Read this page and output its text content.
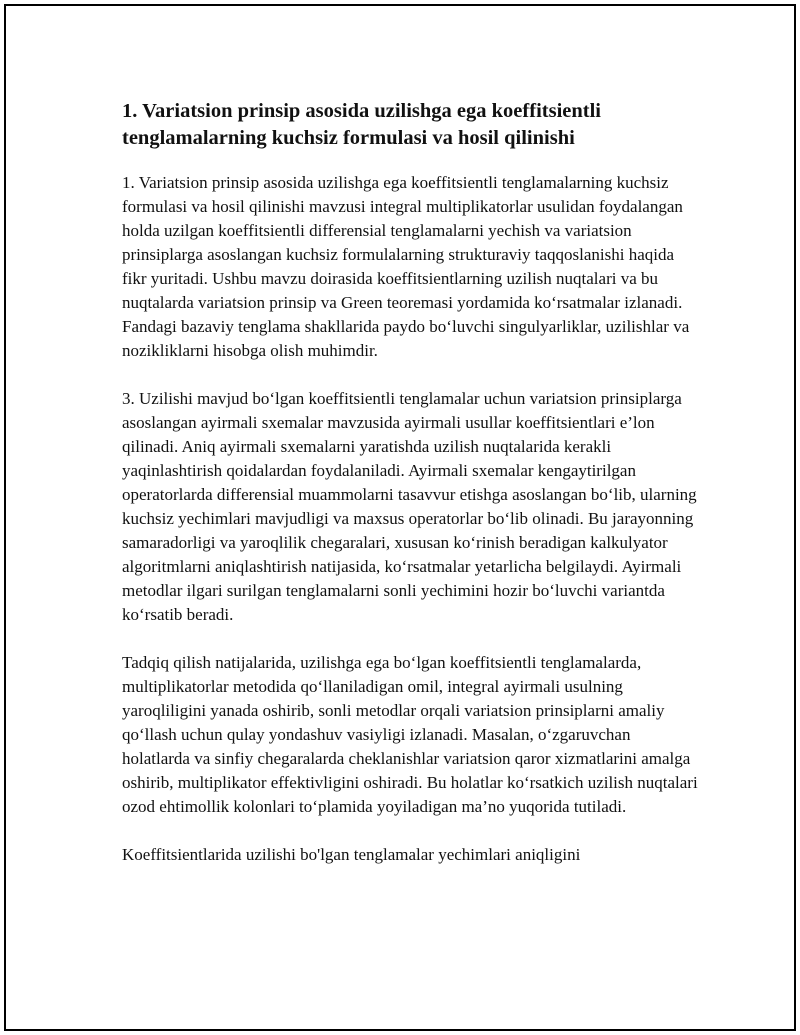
1. Variatsion prinsip asosida uzilishga ega koeffitsientli tenglamalarning kuchsiz formulasi va hosil qilinishi

1. Variatsion prinsip asosida uzilishga ega koeffitsientli tenglamalarning kuchsiz formulasi va hosil qilinishi mavzusi integral multiplikatorlar usulidan foydalangan holda uzilgan koeffitsientli differensial tenglamalarni yechish va variatsion prinsiplarga asoslangan kuchsiz formulalarning strukturaviy taqqoslanishi haqida fikr yuritadi. Ushbu mavzu doirasida koeffitsientlarning uzilish nuqtalari va bu nuqtalarda variatsion prinsip va Green teoremasi yordamida ko‘rsatmalar izlanadi. Fandagi bazaviy tenglama shakllarida paydo bo‘luvchi singulyarliklar, uzilishlar va nozikliklarni hisobga olish muhimdir.

3. Uzilishi mavjud bo‘lgan koeffitsientli tenglamalar uchun variatsion prinsiplarga asoslangan ayirmali sxemalar mavzusida ayirmali usullar koeffitsientlari e’lon qilinadi. Aniq ayirmali sxemalarni yaratishda uzilish nuqtalarida kerakli yaqinlashtirish qoidalardan foydalaniladi. Ayirmali sxemalar kengaytirilgan operatorlarda differensial muammolarni tasavvur etishga asoslangan bo‘lib, ularning kuchsiz yechimlari mavjudligi va maxsus operatorlar bo‘lib olinadi. Bu jarayonning samaradorligi va yaroqlilik chegaralari, xususan ko‘rinish beradigan kalkulyator algoritmlarni aniqlashtirish natijasida, ko‘rsatmalar yetarlicha belgilaydi. Ayirmali metodlar ilgari surilgan tenglamalarni sonli yechimini hozir bo‘luvchi variantda ko‘rsatib beradi.

Tadqiq qilish natijalarida, uzilishga ega bo‘lgan koeffitsientli tenglamalarda, multiplikatorlar metodida qo‘llaniladigan omil, integral ayirmali usulning yaroqliligini yanada oshirib, sonli metodlar orqali variatsion prinsiplarni amaliy qo‘llash uchun qulay yondashuv vasiyligi izlanadi. Masalan, o‘zgaruvchan holatlarda va sinfiy chegaralarda cheklanishlar variatsion qaror xizmatlarini amalga oshirib, multiplikator effektivligini oshiradi. Bu holatlar ko‘rsatkich uzilish nuqtalari ozod ehtimollik kolonlari to‘plamida yoyiladigan ma’no yuqorida tutiladi.

Koeffitsientlarida uzilishi bo'lgan tenglamalar yechimlari aniqligini
